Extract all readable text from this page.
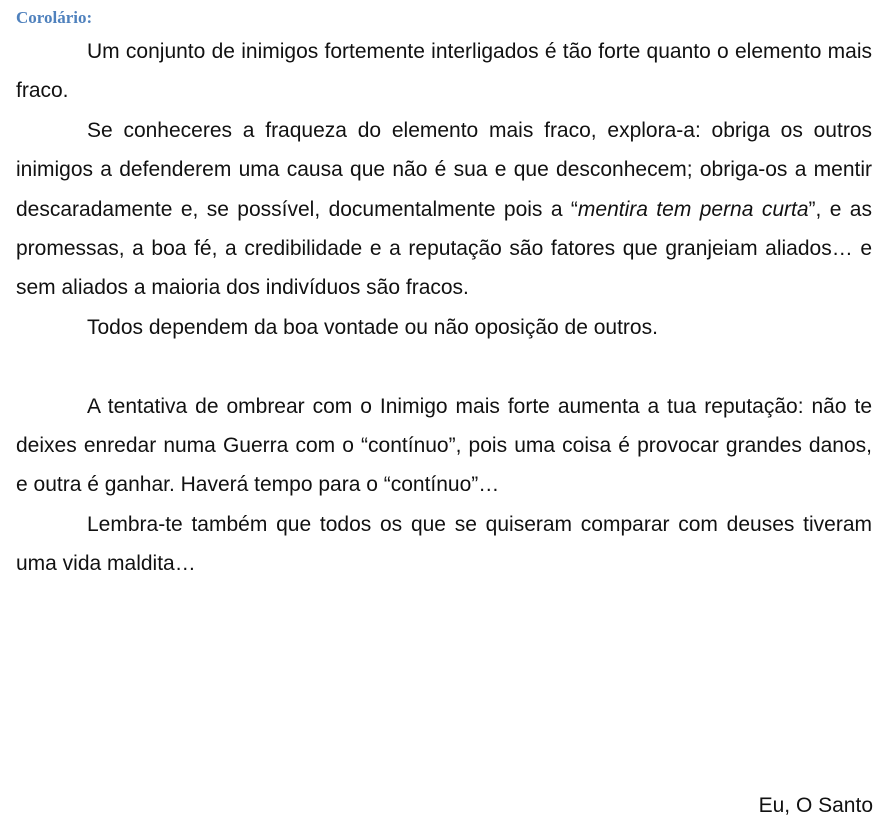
Corolário:

Um conjunto de inimigos fortemente interligados é tão forte quanto o elemento mais fraco.

Se conheceres a fraqueza do elemento mais fraco, explora-a: obriga os outros inimigos a defenderem uma causa que não é sua e que desconhecem; obriga-os a mentir descaradamente e, se possível, documentalmente pois a “mentira tem perna curta”, e as promessas, a boa fé, a credibilidade e a reputação são fatores que granjeiam aliados… e sem aliados a maioria dos indivíduos são fracos.

Todos dependem da boa vontade ou não oposição de outros.

A tentativa de ombrear com o Inimigo mais forte aumenta a tua reputação: não te deixes enredar numa Guerra com o “contínuo”, pois uma coisa é provocar grandes danos, e outra é ganhar. Haverá tempo para o “contínuo”…

Lembra-te também que todos os que se quiseram comparar com deuses tiveram uma vida maldita…

Eu, O Santo
